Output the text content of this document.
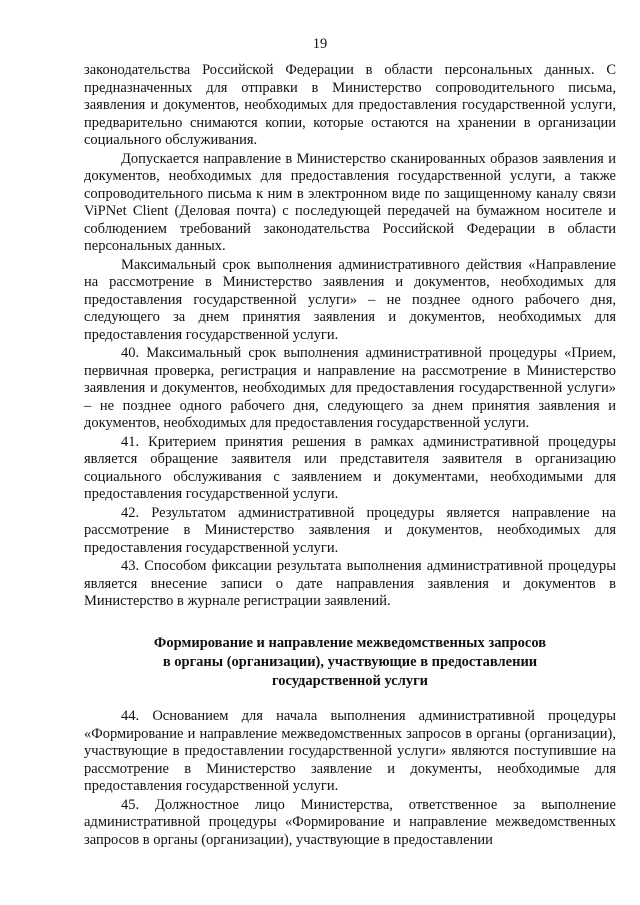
19

законодательства Российской Федерации в области персональных данных. С предназначенных для отправки в Министерство сопроводительного письма, заявления и документов, необходимых для предоставления государственной услуги, предварительно снимаются копии, которые остаются на хранении в организации социального обслуживания.

Допускается направление в Министерство сканированных образов заявления и документов, необходимых для предоставления государственной услуги, а также сопроводительного письма к ним в электронном виде по защищенному каналу связи ViPNet Client (Деловая почта) с последующей передачей на бумажном носителе и соблюдением требований законодательства Российской Федерации в области персональных данных.

Максимальный срок выполнения административного действия «Направление на рассмотрение в Министерство заявления и документов, необходимых для предоставления государственной услуги» – не позднее одного рабочего дня, следующего за днем принятия заявления и документов, необходимых для предоставления государственной услуги.

40. Максимальный срок выполнения административной процедуры «Прием, первичная проверка, регистрация и направление на рассмотрение в Министерство заявления и документов, необходимых для предоставления государственной услуги» – не позднее одного рабочего дня, следующего за днем принятия заявления и документов, необходимых для предоставления государственной услуги.

41. Критерием принятия решения в рамках административной процедуры является обращение заявителя или представителя заявителя в организацию социального обслуживания с заявлением и документами, необходимыми для предоставления государственной услуги.

42. Результатом административной процедуры является направление на рассмотрение в Министерство заявления и документов, необходимых для предоставления государственной услуги.

43. Способом фиксации результата выполнения административной процедуры является внесение записи о дате направления заявления и документов в Министерство в журнале регистрации заявлений.

Формирование и направление межведомственных запросов
в органы (организации), участвующие в предоставлении
государственной услуги

44. Основанием для начала выполнения административной процедуры «Формирование и направление межведомственных запросов в органы (организации), участвующие в предоставлении государственной услуги» являются поступившие на рассмотрение в Министерство заявление и документы, необходимые для предоставления государственной услуги.

45. Должностное лицо Министерства, ответственное за выполнение административной процедуры «Формирование и направление межведомственных запросов в органы (организации), участвующие в предоставлении
